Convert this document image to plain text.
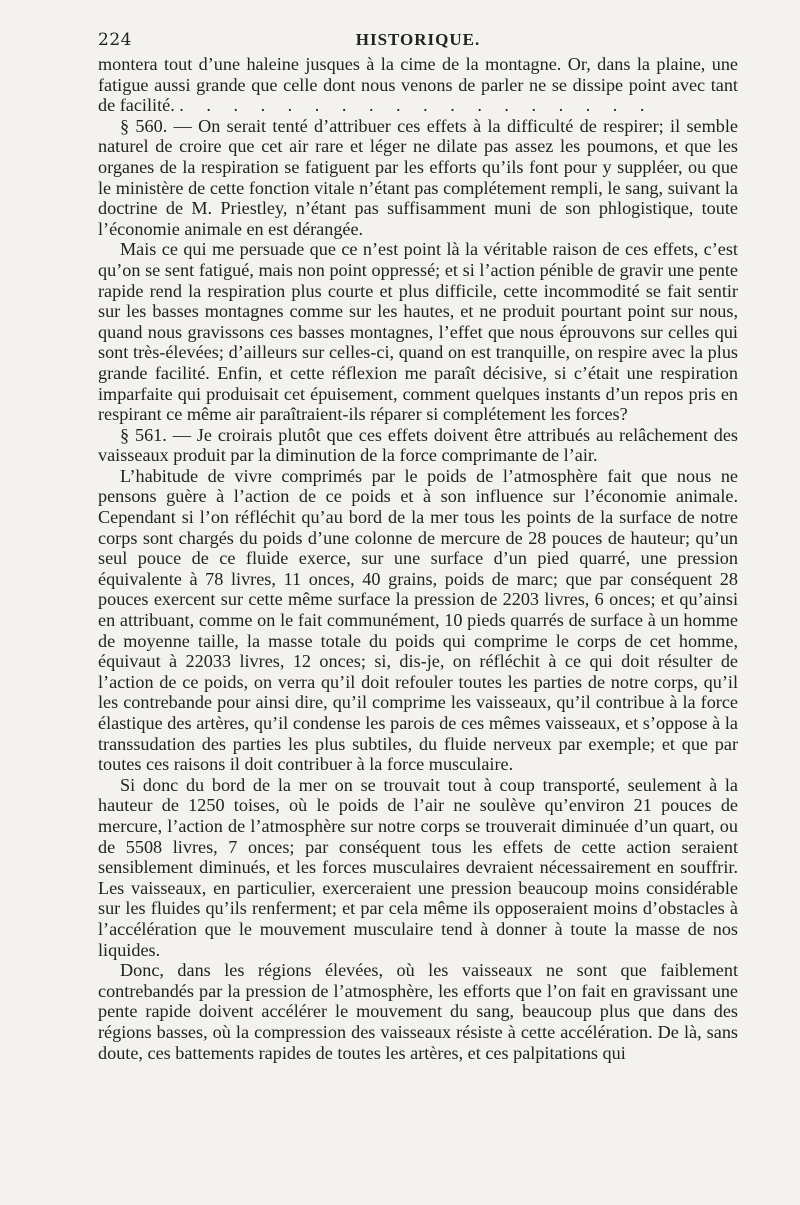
224	HISTORIQUE.

montera tout d’une haleine jusques à la cime de la montagne. Or, dans la plaine, une fatigue aussi grande que celle dont nous venons de parler ne se dissipe point avec tant de facilité. . . . . . . . . . . . . . . . . . .

§ 560. — On serait tenté d’attribuer ces effets à la difficulté de respirer; il semble naturel de croire que cet air rare et léger ne dilate pas assez les poumons, et que les organes de la respiration se fatiguent par les efforts qu’ils font pour y suppléer, ou que le ministère de cette fonction vitale n’étant pas complétement rempli, le sang, suivant la doctrine de M. Priestley, n’étant pas suffisamment muni de son phlogistique, toute l’économie animale en est dérangée.

Mais ce qui me persuade que ce n’est point là la véritable raison de ces effets, c’est qu’on se sent fatigué, mais non point oppressé; et si l’action pénible de gravir une pente rapide rend la respiration plus courte et plus difficile, cette incommodité se fait sentir sur les basses montagnes comme sur les hautes, et ne produit pourtant point sur nous, quand nous gravissons ces basses montagnes, l’effet que nous éprouvons sur celles qui sont très-élevées; d’ailleurs sur celles-ci, quand on est tranquille, on respire avec la plus grande facilité. Enfin, et cette réflexion me paraît décisive, si c’était une respiration imparfaite qui produisait cet épuisement, comment quelques instants d’un repos pris en respirant ce même air paraîtraient-ils réparer si complétement les forces?

§ 561. — Je croirais plutôt que ces effets doivent être attribués au relâchement des vaisseaux produit par la diminution de la force comprimante de l’air.

L’habitude de vivre comprimés par le poids de l’atmosphère fait que nous ne pensons guère à l’action de ce poids et à son influence sur l’économie animale. Cependant si l’on réfléchit qu’au bord de la mer tous les points de la surface de notre corps sont chargés du poids d’une colonne de mercure de 28 pouces de hauteur; qu’un seul pouce de ce fluide exerce, sur une surface d’un pied quarré, une pression équivalente à 78 livres, 11 onces, 40 grains, poids de marc; que par conséquent 28 pouces exercent sur cette même surface la pression de 2203 livres, 6 onces; et qu’ainsi en attribuant, comme on le fait communément, 10 pieds quarrés de surface à un homme de moyenne taille, la masse totale du poids qui comprime le corps de cet homme, équivaut à 22033 livres, 12 onces; si, dis-je, on réfléchit à ce qui doit résulter de l’action de ce poids, on verra qu’il doit refouler toutes les parties de notre corps, qu’il les contrebande pour ainsi dire, qu’il comprime les vaisseaux, qu’il contribue à la force élastique des artères, qu’il condense les parois de ces mêmes vaisseaux, et s’oppose à la transsudation des parties les plus subtiles, du fluide nerveux par exemple; et que par toutes ces raisons il doit contribuer à la force musculaire.

Si donc du bord de la mer on se trouvait tout à coup transporté, seulement à la hauteur de 1250 toises, où le poids de l’air ne soulève qu’environ 21 pouces de mercure, l’action de l’atmosphère sur notre corps se trouverait diminuée d’un quart, ou de 5508 livres, 7 onces; par conséquent tous les effets de cette action seraient sensiblement diminués, et les forces musculaires devraient nécessairement en souffrir. Les vaisseaux, en particulier, exerceraient une pression beaucoup moins considérable sur les fluides qu’ils renferment; et par cela même ils opposeraient moins d’obstacles à l’accélération que le mouvement musculaire tend à donner à toute la masse de nos liquides.

Donc, dans les régions élevées, où les vaisseaux ne sont que faiblement contrebandés par la pression de l’atmosphère, les efforts que l’on fait en gravissant une pente rapide doivent accélérer le mouvement du sang, beaucoup plus que dans des régions basses, où la compression des vaisseaux résiste à cette accélération. De là, sans doute, ces battements rapides de toutes les artères, et ces palpitations qui
